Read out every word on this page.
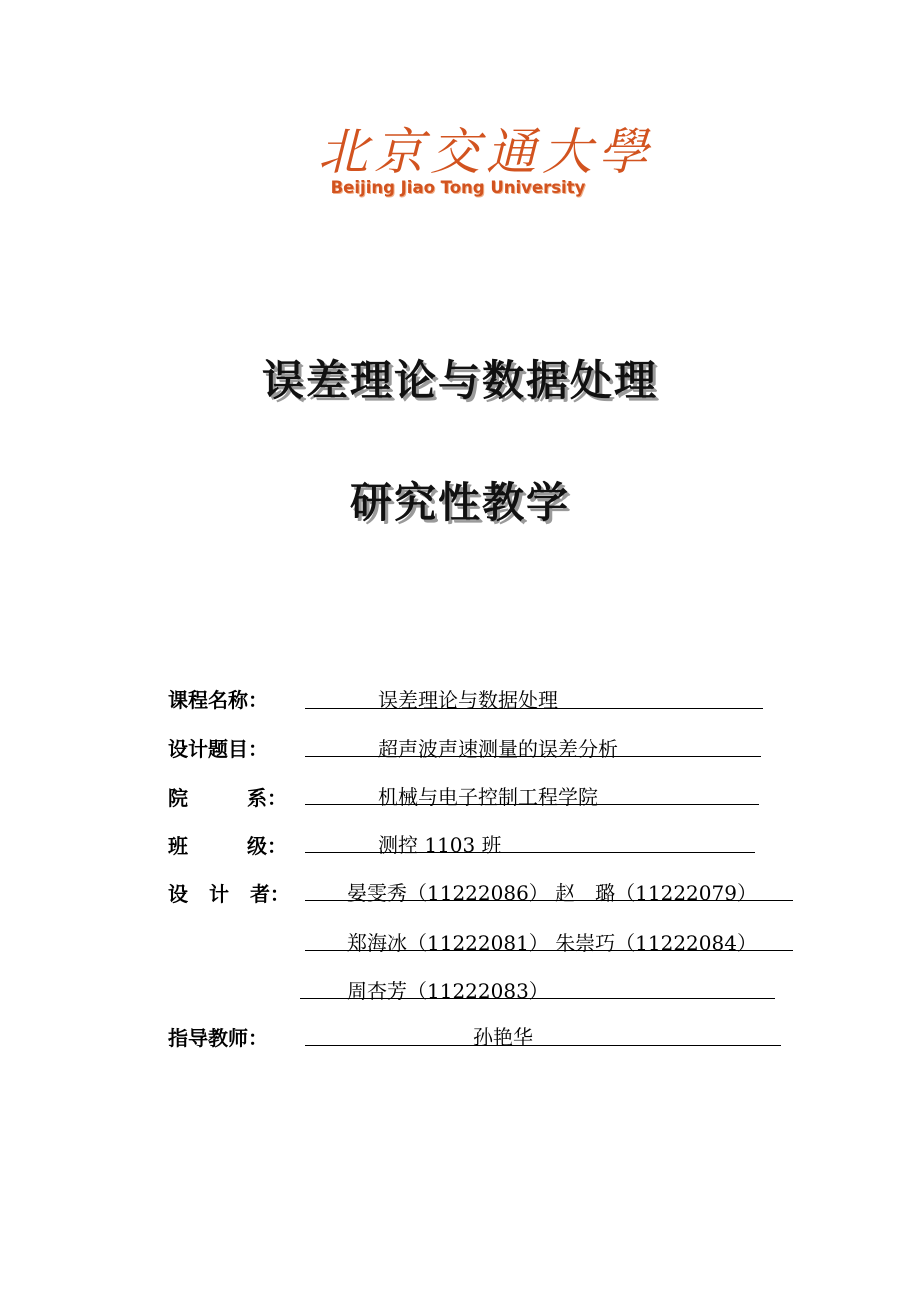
北京交通大學
Beijing Jiao Tong University
误差理论与数据处理
研究性教学
课程名称：	误差理论与数据处理
设计题目：	超声波声速测量的误差分析
院	系：	机械与电子控制工程学院
班	级：	测控 1103 班
设 计 者：	晏雯秀（11222086） 赵　璐（11222079）
郑海冰（11222081） 朱崇巧（11222084）
周杏芳（11222083）
指导教师：	孙艳华
